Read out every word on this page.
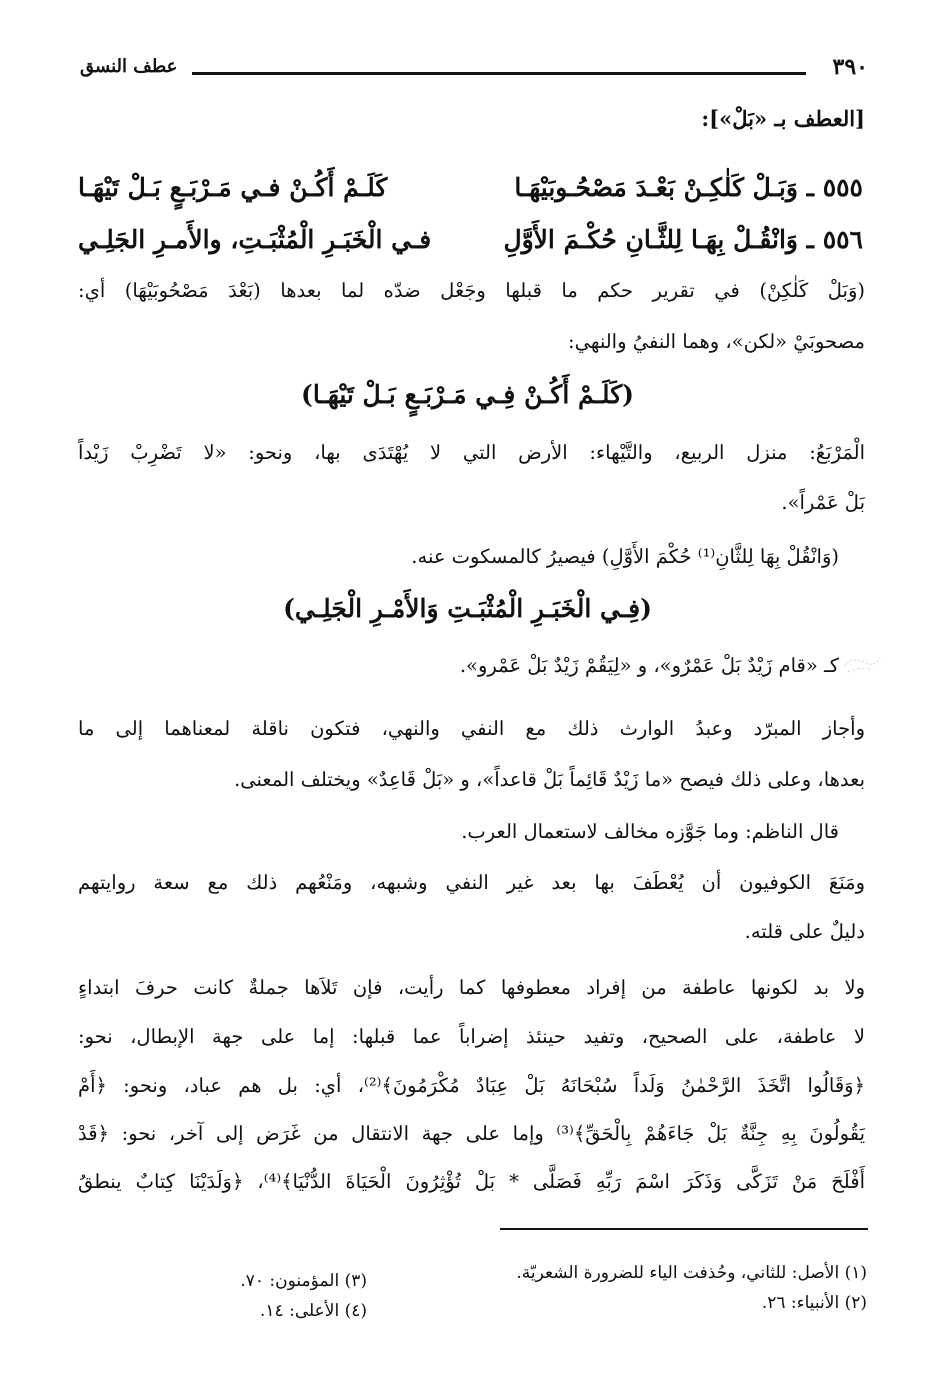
٣٩٠
عطف النسق
[العطف بـ «بَلْ»]:
٥٥٥ ـ وَبَـلْ كَلٰكِـنْ بَعْـدَ مَصْحُـوبَيْهَـا
كَلَـمْ أَكُـنْ فـي مَـرْبَـعٍ بَـلْ تَيْهَـا
٥٥٦ ـ وَانْقُـلْ بِهَـا لِلثَّـانِ حُكْـمَ الأَوَّلِ
فـي الْخَبَـرِ الْمُثْبَـتِ، والأَمـرِ الجَلِـي
(وَبَلْ كَلٰكِنْ) في تقرير حكم ما قبلها وجَعْل ضدّه لما بعدها (بَعْدَ مَصْحُوبَيْهَا) أي:
مصحوبَيْ «لكن»، وهما النفيُ والنهي:
(كَلَـمْ أَكُـنْ فِـي مَـرْبَـعٍ بَـلْ تَيْهَـا)
الْمَرْبَعُ: منزل الربيع، والتَّيْهاء: الأرض التي لا يُهْتَدَى بها، ونحو: «لا تَضْرِبْ زَيْداً
بَلْ عَمْراً».
(وَانْقُلْ بِهَا لِلثَّانِ⁽¹⁾ حُكْمَ الأَوَّلِ) فيصيرُ كالمسكوت عنه.
(فِـي الْخَبَـرِ الْمُثْبَـتِ وَالأَمْـرِ الْجَلِـي)
كـ «قام زَيْدٌ بَلْ عَمْرٌو»، و «لِيَقُمْ زَيْدٌ بَلْ عَمْرو».
وأجاز المبرّد وعبدُ الوارث ذلك مع النفي والنهي، فتكون ناقلة لمعناهما إلى ما
بعدها، وعلى ذلك فيصح «ما زَيْدٌ قَائِماً بَلْ قاعداً»، و «بَلْ قَاعِدٌ» ويختلف المعنى.
قال الناظم: وما جَوَّزه مخالف لاستعمال العرب.
ومَنَعَ الكوفيون أن يُعْطَفَ بها بعد غير النفي وشبهه، ومَنْعُهم ذلك مع سعة روايتهم
دليلٌ على قلته.
ولا بد لكونها عاطفة من إفراد معطوفها كما رأيت، فإن تَلاَها جملةٌ كانت حرفَ ابتداءٍ
لا عاطفة، على الصحيح، وتفيد حينئذ إضراباً عما قبلها: إما على جهة الإبطال، نحو:
﴿وَقَالُوا اتَّخَذَ الرَّحْمٰنُ وَلَداً سُبْحَانَهُ بَلْ عِبَادٌ مُكْرَمُونَ﴾⁽²⁾، أي: بل هم عباد، ونحو: ﴿أَمْ
يَقُولُونَ بِهِ جِنَّةٌ بَلْ جَاءَهُمْ بِالْحَقِّ﴾⁽³⁾ وإما على جهة الانتقال من غَرَض إلى آخر، نحو: ﴿قَدْ
أَفْلَحَ مَنْ تَزَكَّى وَذَكَرَ اسْمَ رَبِّهِ فَصَلَّى * بَلْ تُؤْثِرُونَ الْحَيَاةَ الدُّنْيَا﴾⁽⁴⁾، ﴿وَلَدَيْنَا كِتابٌ ينطقُ
(١) الأصل: للثاني، وحُذفت الياء للضرورة الشعريّة.
(٢) الأنبياء: ٢٦.
(٣) المؤمنون: ٧٠.
(٤) الأعلى: ١٤.
